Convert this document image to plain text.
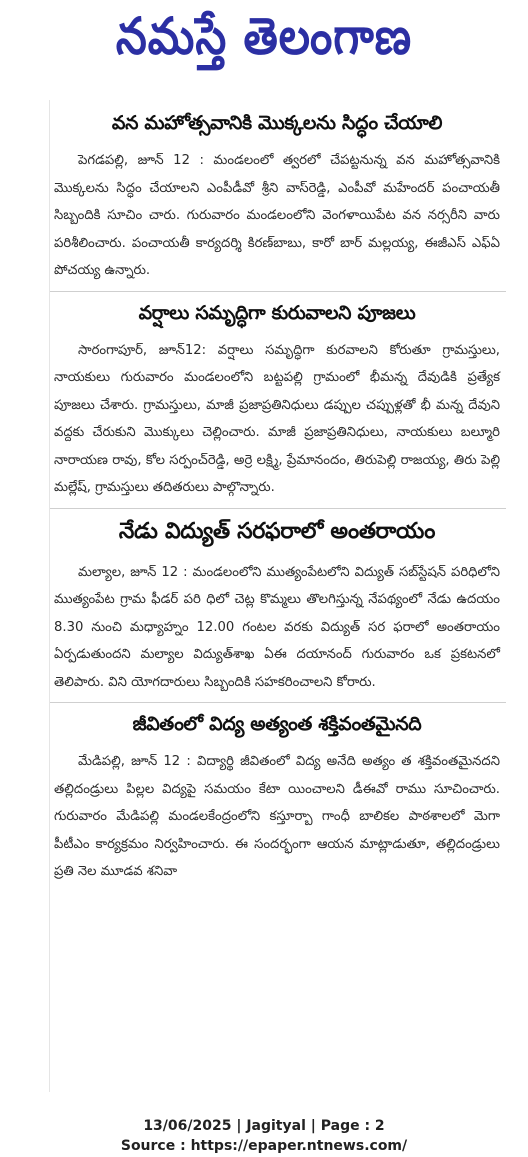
నమస్తే తెలంగాణ
వన మహోత్సవానికి మొక్కలను సిద్ధం చేయాలి

పెగడపల్లి, జూన్ 12 : మండలంలో త్వరలో చేపట్టనున్న వన మహోత్సవానికి మొక్కలను సిద్ధం చేయాలని ఎంపీడీవో శ్రీని వాస్‌రెడ్డి, ఎంపీవో మహేందర్ పంచాయతీ సిబ్బందికి సూచిం చారు. గురువారం మండలంలోని వెంగళాయిపేట వన నర్సరీని వారు పరిశీలించారు. పంచాయతీ కార్యదర్శి కిరణ్‌బాబు, కారో బార్ మల్లయ్య, ఈజీఎస్ ఎఫ్ఏ పోచయ్య ఉన్నారు.

వర్షాలు సమృద్ధిగా కురువాలని పూజలు

సారంగాపూర్, జూన్12: వర్షాలు సమృద్ధిగా కురవాలని కోరుతూ గ్రామస్తులు, నాయకులు గురువారం మండలంలోని బట్టపల్లి గ్రామంలో భీమన్న దేవుడికి ప్రత్యేక పూజలు చేశారు. గ్రామస్తులు, మాజీ ప్రజాప్రతినిధులు డప్పుల చప్పుళ్లతో భీ మన్న దేవుని వద్దకు చేరుకుని మొక్కులు చెల్లించారు. మాజీ ప్రజాప్రతినిధులు, నాయకులు బల్మూరి నారాయణ రావు, కోల సర్పంచ్‌రెడ్డి, అర్రె లక్ష్మి, ప్రేమానందం, తిరుపెల్లి రాజయ్య, తిరు పెల్లి మల్లేష్, గ్రామస్తులు తదితరులు పాల్గొన్నారు.

నేడు విద్యుత్ సరఫరాలో అంతరాయం

మల్యాల, జూన్ 12 : మండలంలోని ముత్యంపేటలోని విద్యుత్ సబ్‌స్టేషన్ పరిధిలోని ముత్యంపేట గ్రామ ఫీడర్ పరి ధిలో చెట్ల కొమ్మలు తొలగిస్తున్న నేపథ్యంలో నేడు ఉదయం 8.30 నుంచి మధ్యాహ్నం 12.00 గంటల వరకు విద్యుత్ సర ఫరాలో అంతరాయం ఏర్పడుతుందని మల్యాల విద్యుత్‌శాఖ ఏఈ దయానంద్ గురువారం ఒక ప్రకటనలో తెలిపారు. విని యోగదారులు సిబ్బందికి సహకరించాలని కోరారు.

జీవితంలో విద్య అత్యంత శక్తివంతమైనది

మేడిపల్లి, జూన్ 12 : విద్యార్థి జీవితంలో విద్య అనేది అత్యం త శక్తివంతమైనదని తల్లిదండ్రులు పిల్లల విద్యపై సమయం కేటా యించాలని డీఈవో రాము సూచించారు. గురువారం మేడిపల్లి మండలకేంద్రంలోని కస్తూర్బా గాంధీ బాలికల పాఠశాలలో మెగా పీటీఎం కార్యక్రమం నిర్వహించారు. ఈ సందర్భంగా ఆయన మాట్లాడుతూ, తల్లిదండ్రులు ప్రతి నెల మూడవ శనివా

13/06/2025 | Jagityal | Page : 2
Source : https://epaper.ntnews.com/
